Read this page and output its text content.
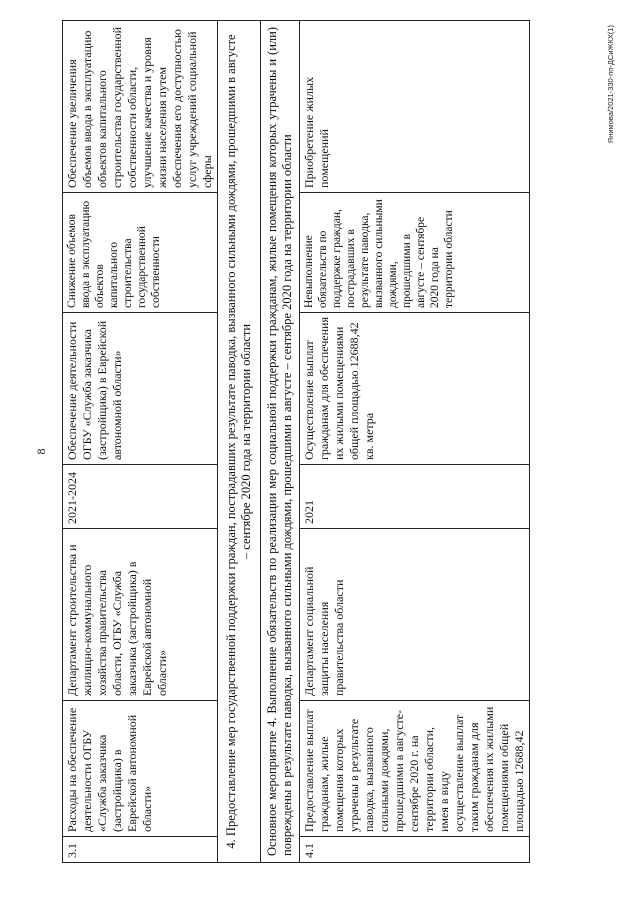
8
3.1	Расходы на обеспечение деятельности ОГБУ «Служба заказчика (застройщика) в Еврейской автономной области»	Департамент строительства и жилищно-коммунального хозяйства правительства области, ОГБУ «Служба заказчика (застройщика) в Еврейской автономной области»	2021-2024	Обеспечение деятельности ОГБУ «Служба заказчика (застройщика) в Еврейской автономной области»	Снижение объемов ввода в эксплуатацию объектов капитального строительства государственной собственности	Обеспечение увеличения объемов ввода в эксплуатацию объектов капитального строительства государственной собственности области, улучшение качества и уровня жизни населения путем обеспечения его доступностью услуг учреждений социальной сферы
4. Предоставление мер государственной поддержки граждан, пострадавших результате паводка, вызванного сильными дождями, прошедшими в августе – сентябре 2020 года на территории области						
Основное мероприятие 4. Выполнение обязательств по реализации мер социальной поддержки гражданам, жилые помещения которых утрачены и (или) повреждены в результате паводка, вызванного сильными дождями, прошедшими в августе – сентябре 2020 года на территории области						
4.1	Предоставление выплат гражданам, жилые помещения которых утрачены в результате паводка, вызванного сильными дождями, прошедшими в августе-сентябре 2020 г. на территории области, имея в виду осуществление выплат таким гражданам для обеспечения их жилыми помещениями общей площадью 12688,42	Департамент социальной защиты населения правительства области	2021	Осуществление выплат гражданам для обеспечения их жилыми помещениями общей площадью 12688,42 кв. метра	Невыполнение обязательств по поддержке граждан, пострадавших в результате паводка, вызванного сильными дождями, прошедшими в августе – сентябре 2020 года на территории области	Приобретение жилых помещений
Янимова/2021-330-пп-ДСиЖКХ(1)
